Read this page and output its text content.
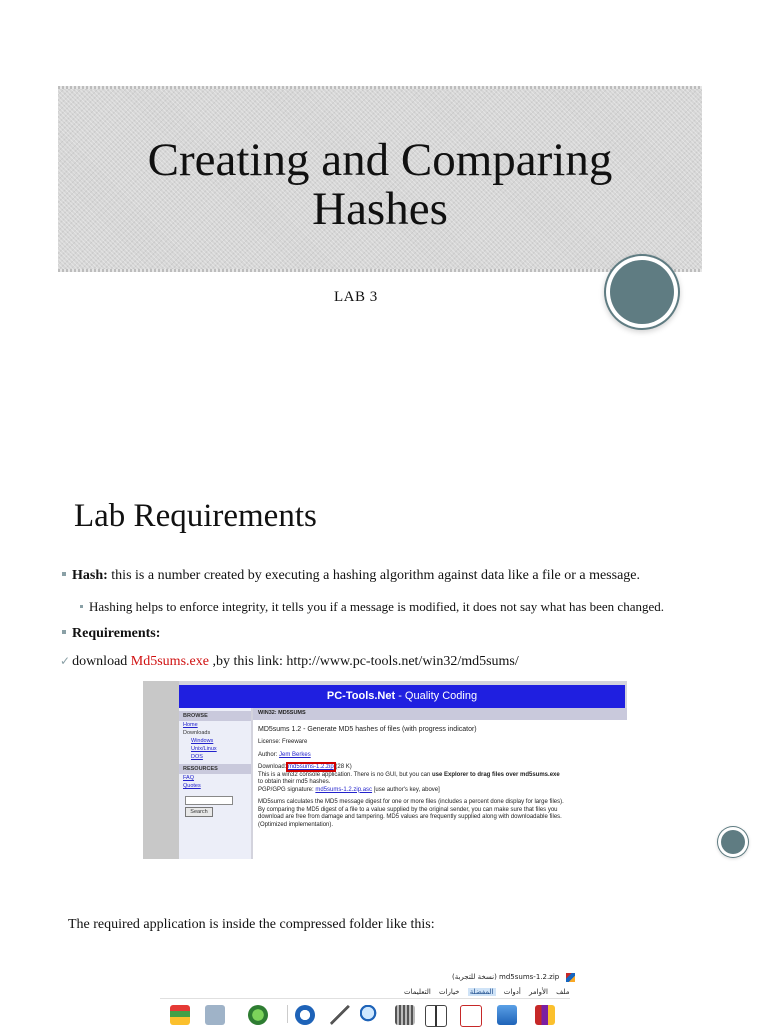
Creating and Comparing
Hashes
LAB 3
Lab Requirements
Hash: this is a number created by executing a hashing algorithm against data like a file or a message.
Hashing helps to enforce integrity, it tells you if a message is modified, it does not say what has been changed.
Requirements:
✓ download Md5sums.exe ,by this link: http://www.pc-tools.net/win32/md5sums/
PC-Tools.Net - Quality Coding
BROWSE
Home
Downloads
Windows
Unix/Linux
DOS
RESOURCES
FAQ
Quotes
Search
WIN32: MD5SUMS
MD5sums 1.2 - Generate MD5 hashes of files (with progress indicator)
License: Freeware
Author: Jem Berkes
Download: md5sums-1.2.zip (28 K)
This is a win32 console application. There is no GUI, but you can use Explorer to drag files over md5sums.exe
to obtain their md5 hashes.
PGP/GPG signature: md5sums-1.2.zip.asc [use author's key, above]
MD5sums calculates the MD5 message digest for one or more files (includes a percent done display for large files).
By comparing the MD5 digest of a file to a value supplied by the original sender, you can make sure that files you
download are free from damage and tampering. MD5 values are frequently supplied along with downloadable files.
(Optimized implementation).
The required application is inside the compressed folder like this:
md5sums-1.2.zip (نسخة للتجربة)
ملف الأوامر أدوات المفضلة خيارات التعليمات
